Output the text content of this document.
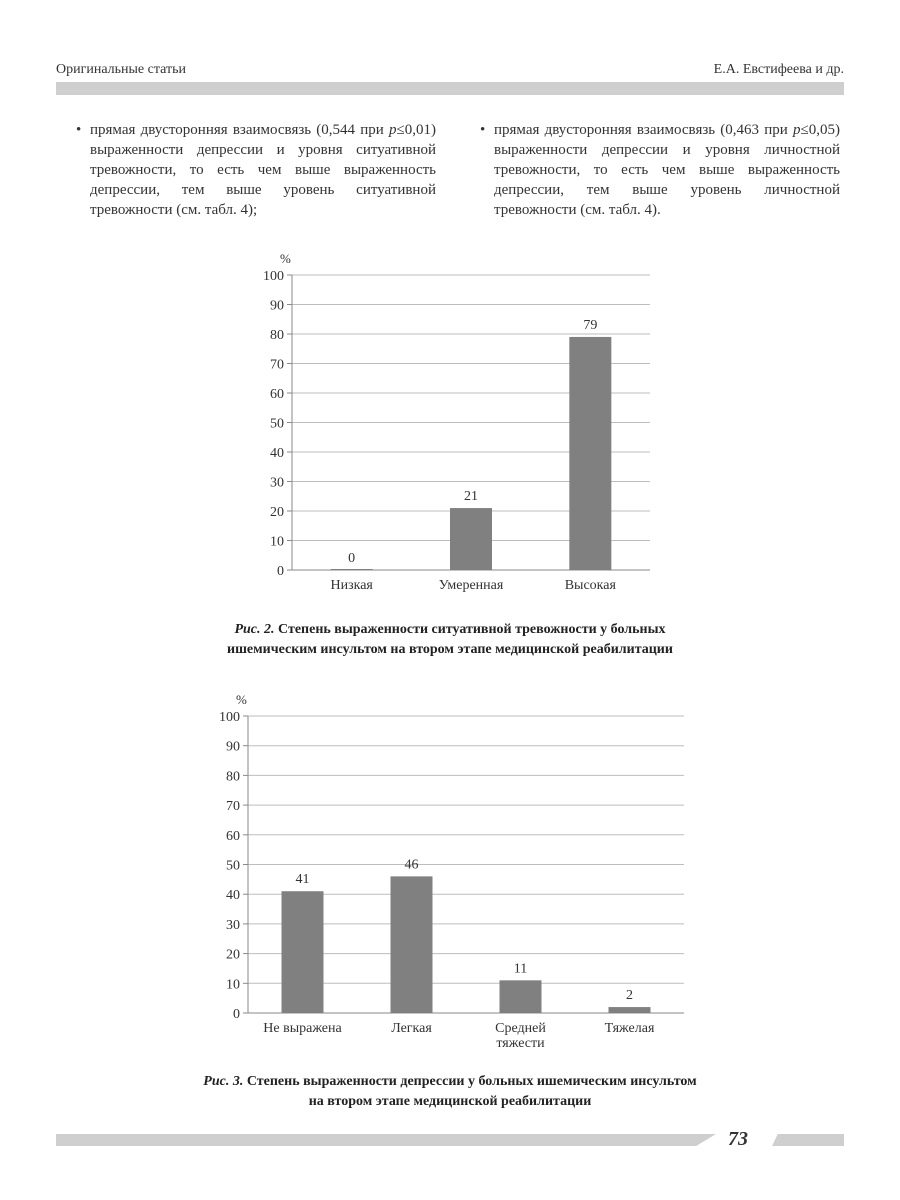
Оригинальные статьи	Е.А. Евстифеева и др.
• прямая двусторонняя взаимосвязь (0,544 при p≤0,01) выраженности депрессии и уровня ситуативной тревожности, то есть чем выше выраженность депрессии, тем выше уровень ситуативной тревожности (см. табл. 4);
• прямая двусторонняя взаимосвязь (0,463 при p≤0,05) выраженности депрессии и уровня личностной тревожности, то есть чем выше выраженность депрессии, тем выше уровень личностной тревожности (см. табл. 4).
0
10
20
30
40
50
60
70
80
90
100
%
0
Низкая
21
Умеренная
79
Высокая
0
10
20
30
40
50
60
70
80
90
100
%
41
Не выражена
46
Легкая
11
Средней
тяжести
2
Тяжелая
Рис. 2. Степень выраженности ситуативной тревожности у больных
ишемическим инсультом на втором этапе медицинской реабилитации
Рис. 3. Степень выраженности депрессии у больных ишемическим инсультом
на втором этапе медицинской реабилитации
73
